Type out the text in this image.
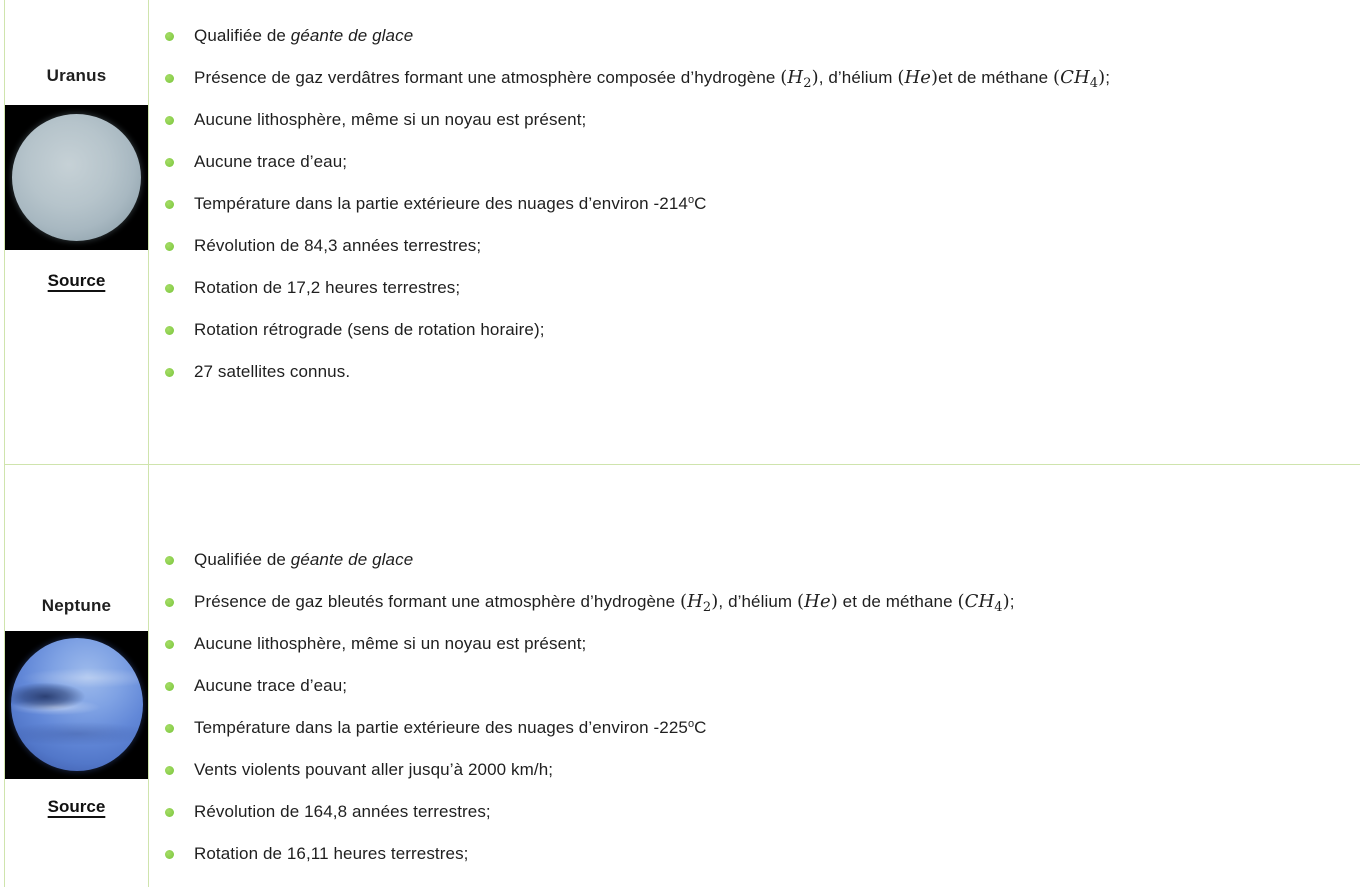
Uranus
Source
Qualifiée de géante de glace
Présence de gaz verdâtres formant une atmosphère composée d’hydrogène $(H_2)$, d’hélium (He)et de méthane $(CH_4)$;
Aucune lithosphère, même si un noyau est présent;
Aucune trace d’eau;
Température dans la partie extérieure des nuages d’environ -214$^o$C
Révolution de 84,3 années terrestres;
Rotation de 17,2 heures terrestres;
Rotation rétrograde (sens de rotation horaire);
27 satellites connus.
Neptune
Source
Qualifiée de géante de glace
Présence de gaz bleutés formant une atmosphère d’hydrogène $(H_2)$, d’hélium (He) et de méthane $(CH_4)$;
Aucune lithosphère, même si un noyau est présent;
Aucune trace d’eau;
Température dans la partie extérieure des nuages d’environ -225$^o$C
Vents violents pouvant aller jusqu’à 2000 km/h;
Révolution de 164,8 années terrestres;
Rotation de 16,11 heures terrestres;
